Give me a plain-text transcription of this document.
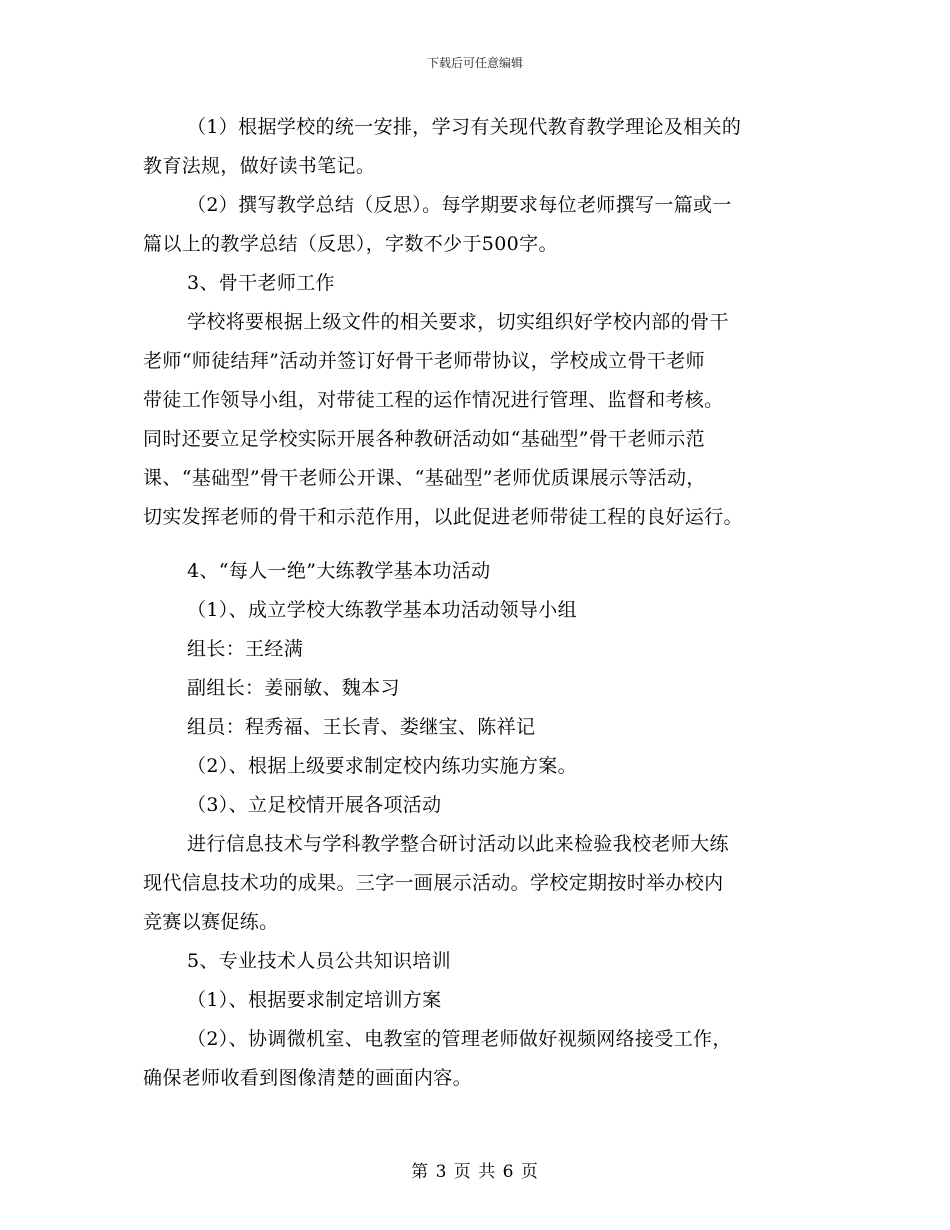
下载后可任意编辑
（1）根据学校的统一安排，学习有关现代教育教学理论及相关的
教育法规，做好读书笔记。
（2）撰写教学总结（反思）。每学期要求每位老师撰写一篇或一
篇以上的教学总结（反思），字数不少于500字。
3、骨干老师工作
学校将要根据上级文件的相关要求，切实组织好学校内部的骨干
老师“师徒结拜”活动并签订好骨干老师带协议，学校成立骨干老师
带徒工作领导小组，对带徒工程的运作情况进行管理、监督和考核。
同时还要立足学校实际开展各种教研活动如“基础型”骨干老师示范
课、“基础型”骨干老师公开课、“基础型”老师优质课展示等活动，
切实发挥老师的骨干和示范作用，以此促进老师带徒工程的良好运行。
4、“每人一绝”大练教学基本功活动
（1）、成立学校大练教学基本功活动领导小组
组长：王经满
副组长：姜丽敏、魏本习
组员：程秀福、王长青、娄继宝、陈祥记
（2）、根据上级要求制定校内练功实施方案。
（3）、立足校情开展各项活动
进行信息技术与学科教学整合研讨活动以此来检验我校老师大练
现代信息技术功的成果。三字一画展示活动。学校定期按时举办校内
竞赛以赛促练。
5、专业技术人员公共知识培训
（1）、根据要求制定培训方案
（2）、协调微机室、电教室的管理老师做好视频网络接受工作，
确保老师收看到图像清楚的画面内容。
第 3 页 共 6 页
